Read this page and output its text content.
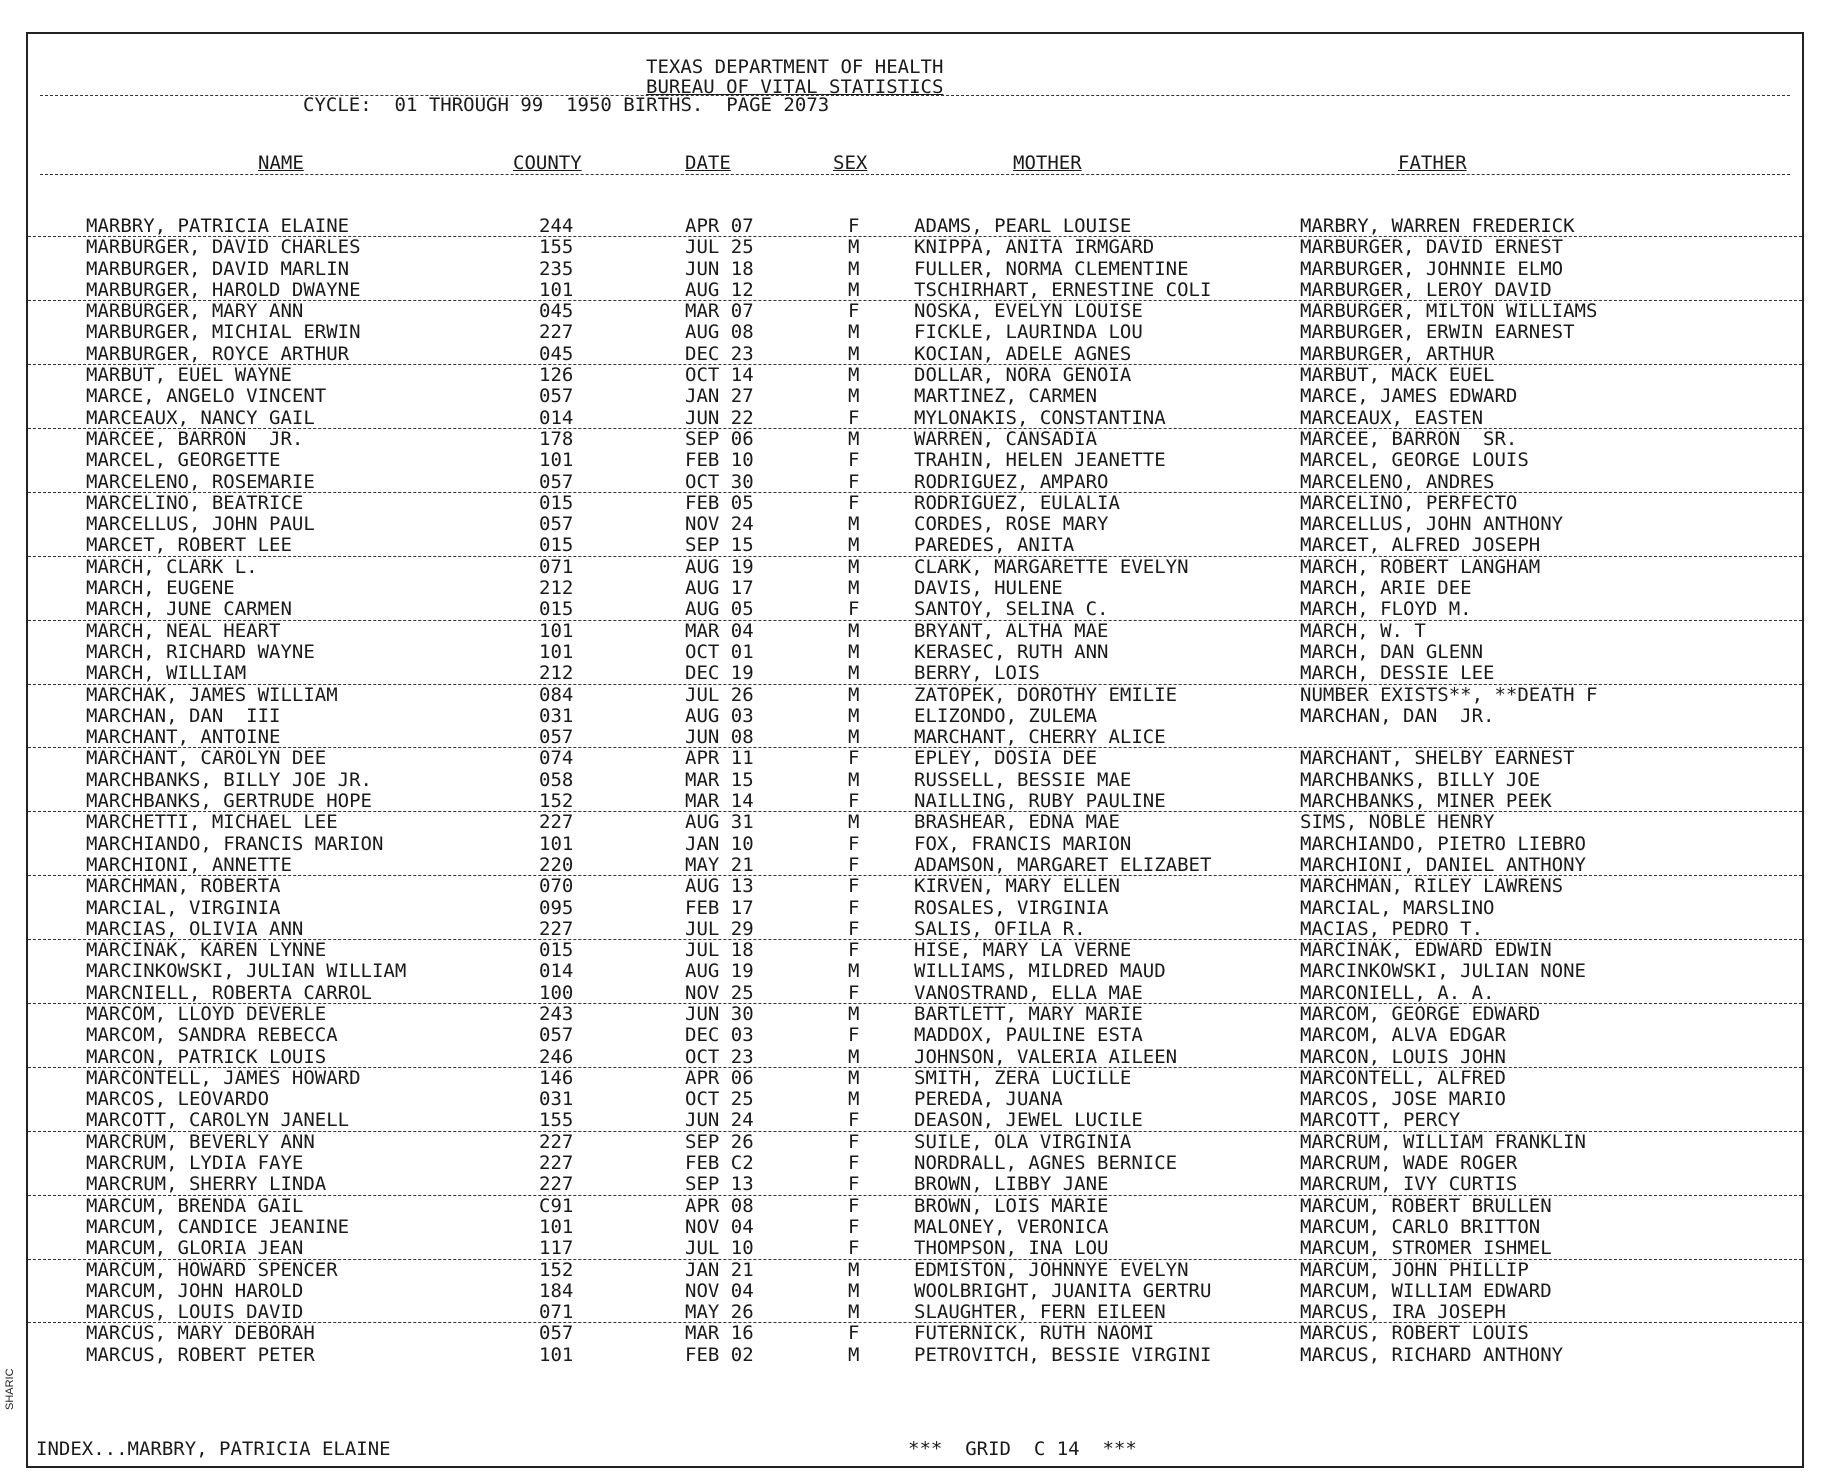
TEXAS DEPARTMENT OF HEALTH
BUREAU OF VITAL STATISTICS
CYCLE:  01 THROUGH 99  1950 BIRTHS.  PAGE 2073
NAME	COUNTY	DATE	SEX	MOTHER	FATHER
MARBRY, PATRICIA ELAINE	244	APR 07	F	ADAMS, PEARL LOUISE	MARBRY, WARREN FREDERICK
MARBURGER, DAVID CHARLES	155	JUL 25	M	KNIPPA, ANITA IRMGARD	MARBURGER, DAVID ERNEST
MARBURGER, DAVID MARLIN	235	JUN 18	M	FULLER, NORMA CLEMENTINE	MARBURGER, JOHNNIE ELMO
MARBURGER, HAROLD DWAYNE	101	AUG 12	M	TSCHIRHART, ERNESTINE COLI	MARBURGER, LEROY DAVID
MARBURGER, MARY ANN	045	MAR 07	F	NOSKA, EVELYN LOUISE	MARBURGER, MILTON WILLIAMS
MARBURGER, MICHIAL ERWIN	227	AUG 08	M	FICKLE, LAURINDA LOU	MARBURGER, ERWIN EARNEST
MARBURGER, ROYCE ARTHUR	045	DEC 23	M	KOCIAN, ADELE AGNES	MARBURGER, ARTHUR
MARBUT, EUEL WAYNE	126	OCT 14	M	DOLLAR, NORA GENOIA	MARBUT, MACK EUEL
MARCE, ANGELO VINCENT	057	JAN 27	M	MARTINEZ, CARMEN	MARCE, JAMES EDWARD
MARCEAUX, NANCY GAIL	014	JUN 22	F	MYLONAKIS, CONSTANTINA	MARCEAUX, EASTEN
MARCEE, BARRON  JR.	178	SEP 06	M	WARREN, CANSADIA	MARCEE, BARRON  SR.
MARCEL, GEORGETTE	101	FEB 10	F	TRAHIN, HELEN JEANETTE	MARCEL, GEORGE LOUIS
MARCELENO, ROSEMARIE	057	OCT 30	F	RODRIGUEZ, AMPARO	MARCELENO, ANDRES
MARCELINO, BEATRICE	015	FEB 05	F	RODRIGUEZ, EULALIA	MARCELINO, PERFECTO
MARCELLUS, JOHN PAUL	057	NOV 24	M	CORDES, ROSE MARY	MARCELLUS, JOHN ANTHONY
MARCET, ROBERT LEE	015	SEP 15	M	PAREDES, ANITA	MARCET, ALFRED JOSEPH
MARCH, CLARK L.	071	AUG 19	M	CLARK, MARGARETTE EVELYN	MARCH, ROBERT LANGHAM
MARCH, EUGENE	212	AUG 17	M	DAVIS, HULENE	MARCH, ARIE DEE
MARCH, JUNE CARMEN	015	AUG 05	F	SANTOY, SELINA C.	MARCH, FLOYD M.
MARCH, NEAL HEART	101	MAR 04	M	BRYANT, ALTHA MAE	MARCH, W. T
MARCH, RICHARD WAYNE	101	OCT 01	M	KERASEC, RUTH ANN	MARCH, DAN GLENN
MARCH, WILLIAM	212	DEC 19	M	BERRY, LOIS	MARCH, DESSIE LEE
MARCHAK, JAMES WILLIAM	084	JUL 26	M	ZATOPEK, DOROTHY EMILIE	NUMBER EXISTS**, **DEATH F
MARCHAN, DAN  III	031	AUG 03	M	ELIZONDO, ZULEMA	MARCHAN, DAN  JR.
MARCHANT, ANTOINE	057	JUN 08	M	MARCHANT, CHERRY ALICE
MARCHANT, CAROLYN DEE	074	APR 11	F	EPLEY, DOSIA DEE	MARCHANT, SHELBY EARNEST
MARCHBANKS, BILLY JOE JR.	058	MAR 15	M	RUSSELL, BESSIE MAE	MARCHBANKS, BILLY JOE
MARCHBANKS, GERTRUDE HOPE	152	MAR 14	F	NAILLING, RUBY PAULINE	MARCHBANKS, MINER PEEK
MARCHETTI, MICHAEL LEE	227	AUG 31	M	BRASHEAR, EDNA MAE	SIMS, NOBLE HENRY
MARCHIANDO, FRANCIS MARION	101	JAN 10	F	FOX, FRANCIS MARION	MARCHIANDO, PIETRO LIEBRO
MARCHIONI, ANNETTE	220	MAY 21	F	ADAMSON, MARGARET ELIZABET	MARCHIONI, DANIEL ANTHONY
MARCHMAN, ROBERTA	070	AUG 13	F	KIRVEN, MARY ELLEN	MARCHMAN, RILEY LAWRENS
MARCIAL, VIRGINIA	095	FEB 17	F	ROSALES, VIRGINIA	MARCIAL, MARSLINO
MARCIAS, OLIVIA ANN	227	JUL 29	F	SALIS, OFILA R.	MACIAS, PEDRO T.
MARCINAK, KAREN LYNNE	015	JUL 18	F	HISE, MARY LA VERNE	MARCINAK, EDWARD EDWIN
MARCINKOWSKI, JULIAN WILLIAM	014	AUG 19	M	WILLIAMS, MILDRED MAUD	MARCINKOWSKI, JULIAN NONE
MARCNIELL, ROBERTA CARROL	100	NOV 25	F	VANOSTRAND, ELLA MAE	MARCONIELL, A. A.
MARCOM, LLOYD DEVERLE	243	JUN 30	M	BARTLETT, MARY MARIE	MARCOM, GEORGE EDWARD
MARCOM, SANDRA REBECCA	057	DEC 03	F	MADDOX, PAULINE ESTA	MARCOM, ALVA EDGAR
MARCON, PATRICK LOUIS	246	OCT 23	M	JOHNSON, VALERIA AILEEN	MARCON, LOUIS JOHN
MARCONTELL, JAMES HOWARD	146	APR 06	M	SMITH, ZERA LUCILLE	MARCONTELL, ALFRED
MARCOS, LEOVARDO	031	OCT 25	M	PEREDA, JUANA	MARCOS, JOSE MARIO
MARCOTT, CAROLYN JANELL	155	JUN 24	F	DEASON, JEWEL LUCILE	MARCOTT, PERCY
MARCRUM, BEVERLY ANN	227	SEP 26	F	SUILE, OLA VIRGINIA	MARCRUM, WILLIAM FRANKLIN
MARCRUM, LYDIA FAYE	227	FEB C2	F	NORDRALL, AGNES BERNICE	MARCRUM, WADE ROGER
MARCRUM, SHERRY LINDA	227	SEP 13	F	BROWN, LIBBY JANE	MARCRUM, IVY CURTIS
MARCUM, BRENDA GAIL	C91	APR 08	F	BROWN, LOIS MARIE	MARCUM, ROBERT BRULLEN
MARCUM, CANDICE JEANINE	101	NOV 04	F	MALONEY, VERONICA	MARCUM, CARLO BRITTON
MARCUM, GLORIA JEAN	117	JUL 10	F	THOMPSON, INA LOU	MARCUM, STROMER ISHMEL
MARCUM, HOWARD SPENCER	152	JAN 21	M	EDMISTON, JOHNNYE EVELYN	MARCUM, JOHN PHILLIP
MARCUM, JOHN HAROLD	184	NOV 04	M	WOOLBRIGHT, JUANITA GERTRU	MARCUM, WILLIAM EDWARD
MARCUS, LOUIS DAVID	071	MAY 26	M	SLAUGHTER, FERN EILEEN	MARCUS, IRA JOSEPH
MARCUS, MARY DEBORAH	057	MAR 16	F	FUTERNICK, RUTH NAOMI	MARCUS, ROBERT LOUIS
MARCUS, ROBERT PETER	101	FEB 02	M	PETROVITCH, BESSIE VIRGINI	MARCUS, RICHARD ANTHONY
INDEX...MARBRY, PATRICIA ELAINE	***  GRID  C 14  ***
SHARIC
